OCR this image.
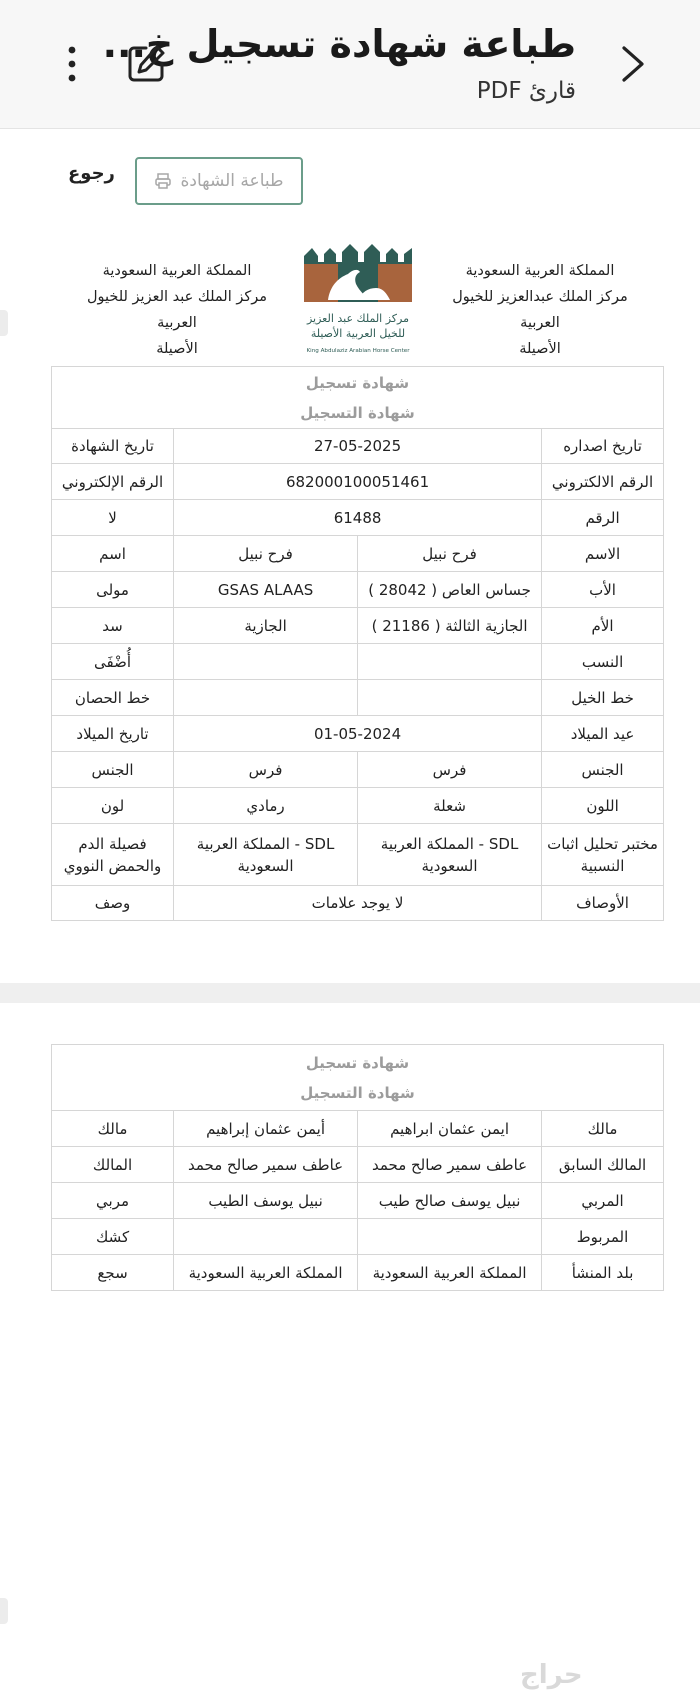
طباعة شهادة تسجيل خ...
قارئ PDF
رجوع	طباعة الشهادة
المملكة العربية السعودية
مركز الملك عبدالعزيز للخيول العربية
الأصيلة
المملكة العربية السعودية
مركز الملك عبد العزيز للخيول العربية
الأصيلة
مركز الملك عبد العزيز
للخيل العربية الأصيلة
King Abdulaziz Arabian Horse Center
شهادة تسجيل
شهادة التسجيل			

تاريخ اصداره	27-05-2025		تاريخ الشهادة
الرقم الالكتروني	682000100051461		الرقم الإلكتروني
الرقم	61488		لا
الاسم	فرح نبيل	فرح نبيل	اسم
الأب	جساس العاص ( 28042 )	GSAS ALAAS	مولى
الأم	الجازية الثالثة ( 21186 )	الجازية	سد
النسب			أُضْفَى
خط الخيل			خط الحصان
عيد الميلاد	01-05-2024		تاريخ الميلاد
الجنس	فرس	فرس	الجنس
اللون	شعلة	رمادي	لون
مختبر تحليل اثبات النسبية	SDL - المملكة العربية السعودية	SDL - المملكة العربية السعودية	فصيلة الدم والحمض النووي
الأوصاف	لا يوجد علامات		وصف
شهادة تسجيل
شهادة التسجيل			

مالك	ايمن عثمان ابراهيم	أيمن عثمان إبراهيم	مالك
المالك السابق	عاطف سمير صالح محمد	عاطف سمير صالح محمد	المالك
المربي	نبيل يوسف صالح طيب	نبيل يوسف الطيب	مربي
المربوط			كشك
بلد المنشأ	المملكة العربية السعودية	المملكة العربية السعودية	سجع
حراج
